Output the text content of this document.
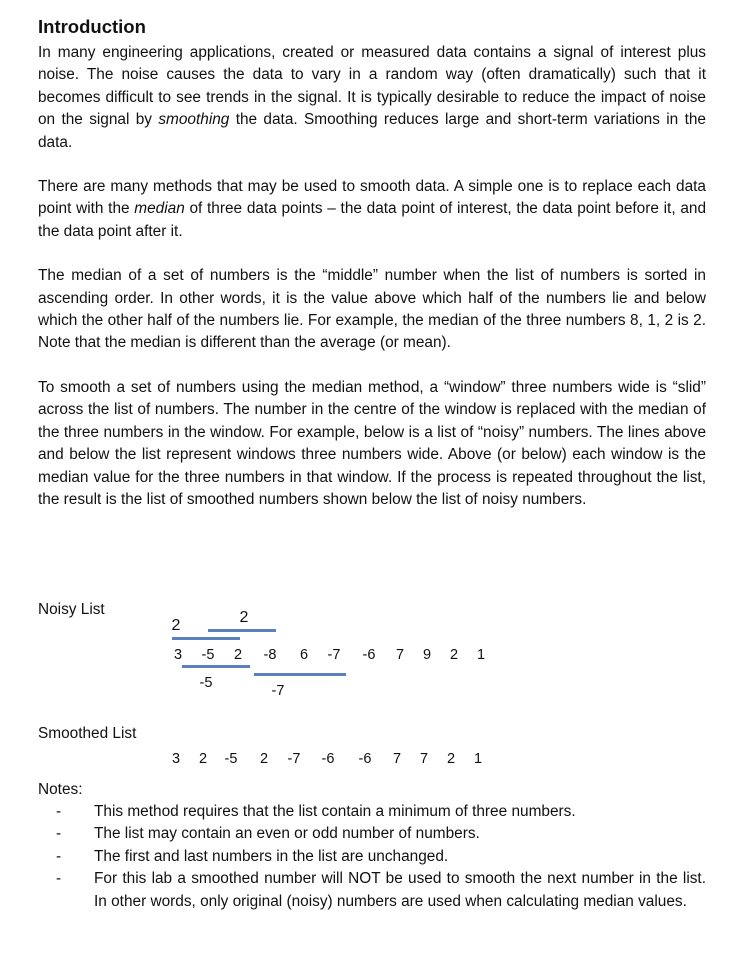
Introduction

In many engineering applications, created or measured data contains a signal of interest plus noise. The noise causes the data to vary in a random way (often dramatically) such that it becomes difficult to see trends in the signal. It is typically desirable to reduce the impact of noise on the signal by smoothing the data. Smoothing reduces large and short-term variations in the data.

There are many methods that may be used to smooth data. A simple one is to replace each data point with the median of three data points – the data point of interest, the data point before it, and the data point after it.

The median of a set of numbers is the “middle” number when the list of numbers is sorted in ascending order. In other words, it is the value above which half of the numbers lie and below which the other half of the numbers lie. For example, the median of the three numbers 8, 1, 2 is 2. Note that the median is different than the average (or mean).

To smooth a set of numbers using the median method, a “window” three numbers wide is “slid” across the list of numbers. The number in the centre of the window is replaced with the median of the three numbers in the window. For example, below is a list of “noisy” numbers. The lines above and below the list represent windows three numbers wide. Above (or below) each window is the median value for the three numbers in that window. If the process is repeated throughout the list, the result is the list of smoothed numbers shown below the list of noisy numbers.

Noisy List
2	2
3	-5	2	-8	6	-7	-6	7	9	2	1
-5	-7
Smoothed List
3	2	-5	2	-7	-6	-6	7	7	2	1

Notes:

- This method requires that the list contain a minimum of three numbers.
- The list may contain an even or odd number of numbers.
- The first and last numbers in the list are unchanged.
- For this lab a smoothed number will NOT be used to smooth the next number in the list. In other words, only original (noisy) numbers are used when calculating median values.
